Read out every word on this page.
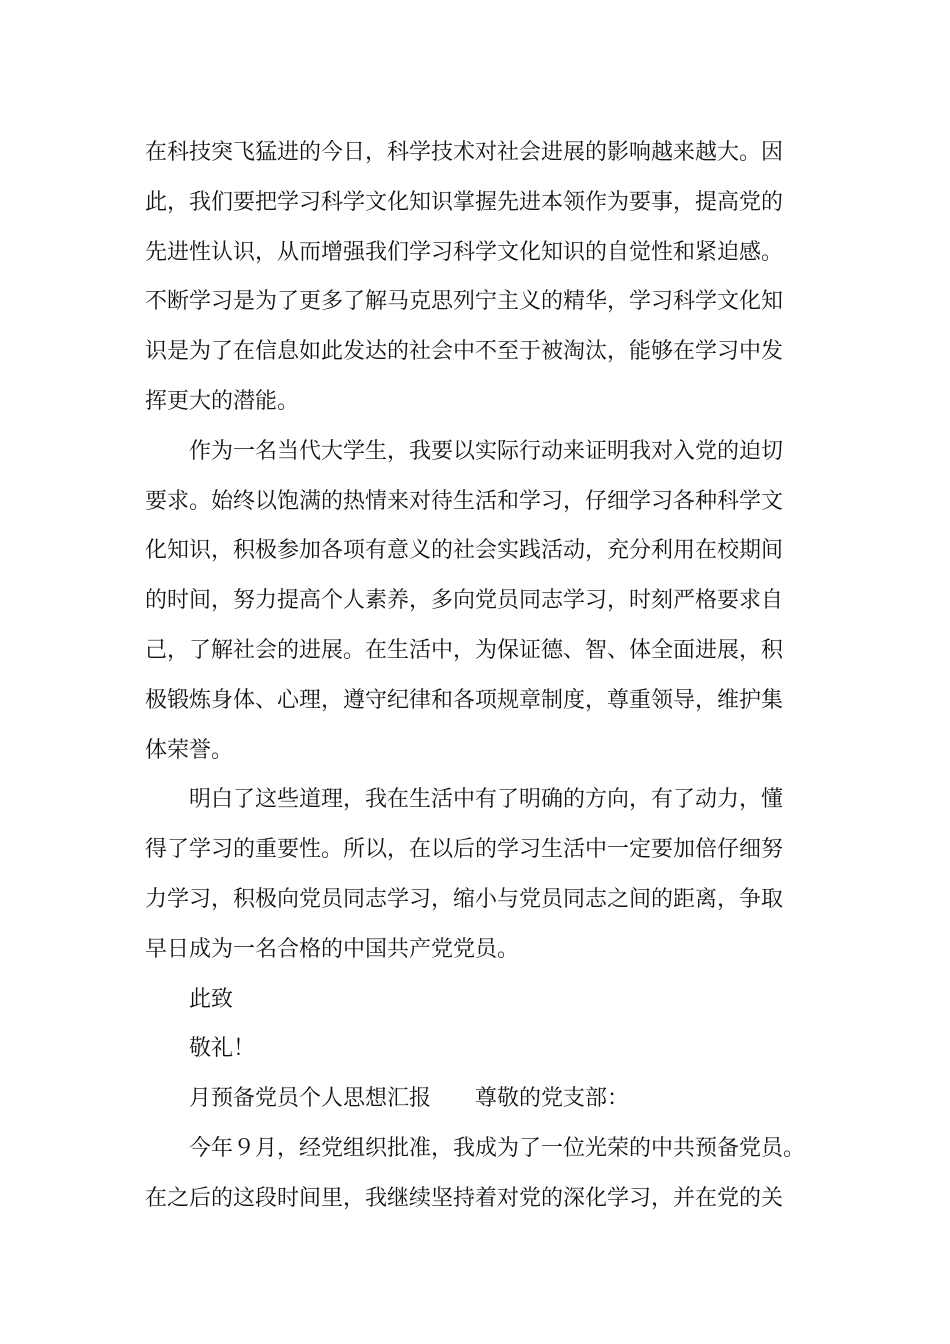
在科技突飞猛进的今日，科学技术对社会进展的影响越来越大。因
此，我们要把学习科学文化知识掌握先进本领作为要事，提高党的
先进性认识，从而增强我们学习科学文化知识的自觉性和紧迫感。
不断学习是为了更多了解马克思列宁主义的精华，学习科学文化知
识是为了在信息如此发达的社会中不至于被淘汰，能够在学习中发
挥更大的潜能。
作为一名当代大学生，我要以实际行动来证明我对入党的迫切
要求。始终以饱满的热情来对待生活和学习，仔细学习各种科学文
化知识，积极参加各项有意义的社会实践活动，充分利用在校期间
的时间，努力提高个人素养，多向党员同志学习，时刻严格要求自
己，了解社会的进展。在生活中，为保证德、智、体全面进展，积
极锻炼身体、心理，遵守纪律和各项规章制度，尊重领导，维护集
体荣誉。
明白了这些道理，我在生活中有了明确的方向，有了动力，懂
得了学习的重要性。所以，在以后的学习生活中一定要加倍仔细努
力学习，积极向党员同志学习，缩小与党员同志之间的距离，争取
早日成为一名合格的中国共产党党员。
此致
敬礼！
月预备党员个人思想汇报 尊敬的党支部：
今年９月，经党组织批准，我成为了一位光荣的中共预备党员。
在之后的这段时间里，我继续坚持着对党的深化学习，并在党的关
